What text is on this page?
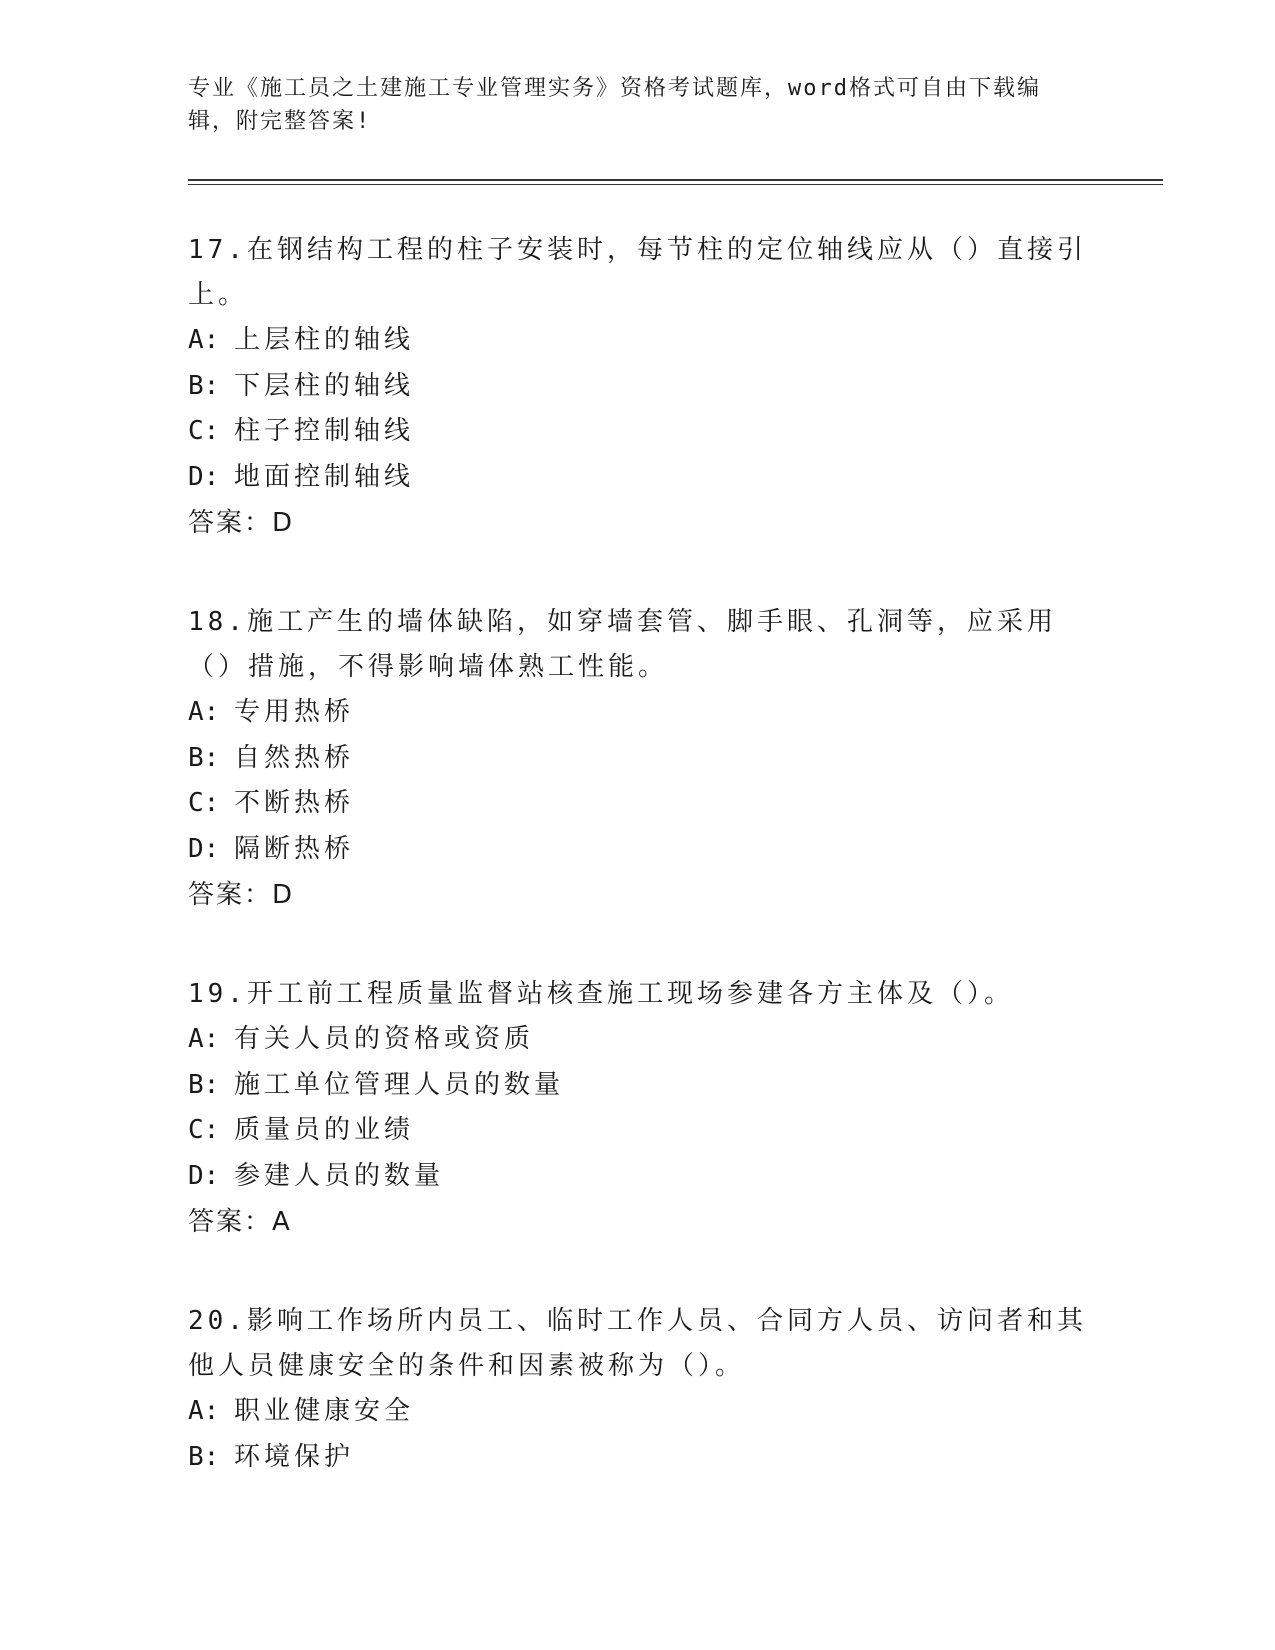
专业《施工员之土建施工专业管理实务》资格考试题库，word格式可自由下载编辑，附完整答案!
17.在钢结构工程的柱子安装时，每节柱的定位轴线应从（）直接引上。
A: 上层柱的轴线
B: 下层柱的轴线
C: 柱子控制轴线
D: 地面控制轴线
答案： D
18.施工产生的墙体缺陷，如穿墙套管、脚手眼、孔洞等，应采用（）措施，不得影响墙体熟工性能。
A: 专用热桥
B: 自然热桥
C: 不断热桥
D: 隔断热桥
答案： D
19.开工前工程质量监督站核查施工现场参建各方主体及（）。
A: 有关人员的资格或资质
B: 施工单位管理人员的数量
C: 质量员的业绩
D: 参建人员的数量
答案： A
20.影响工作场所内员工、临时工作人员、合同方人员、访问者和其他人员健康安全的条件和因素被称为（）。
A: 职业健康安全
B: 环境保护
